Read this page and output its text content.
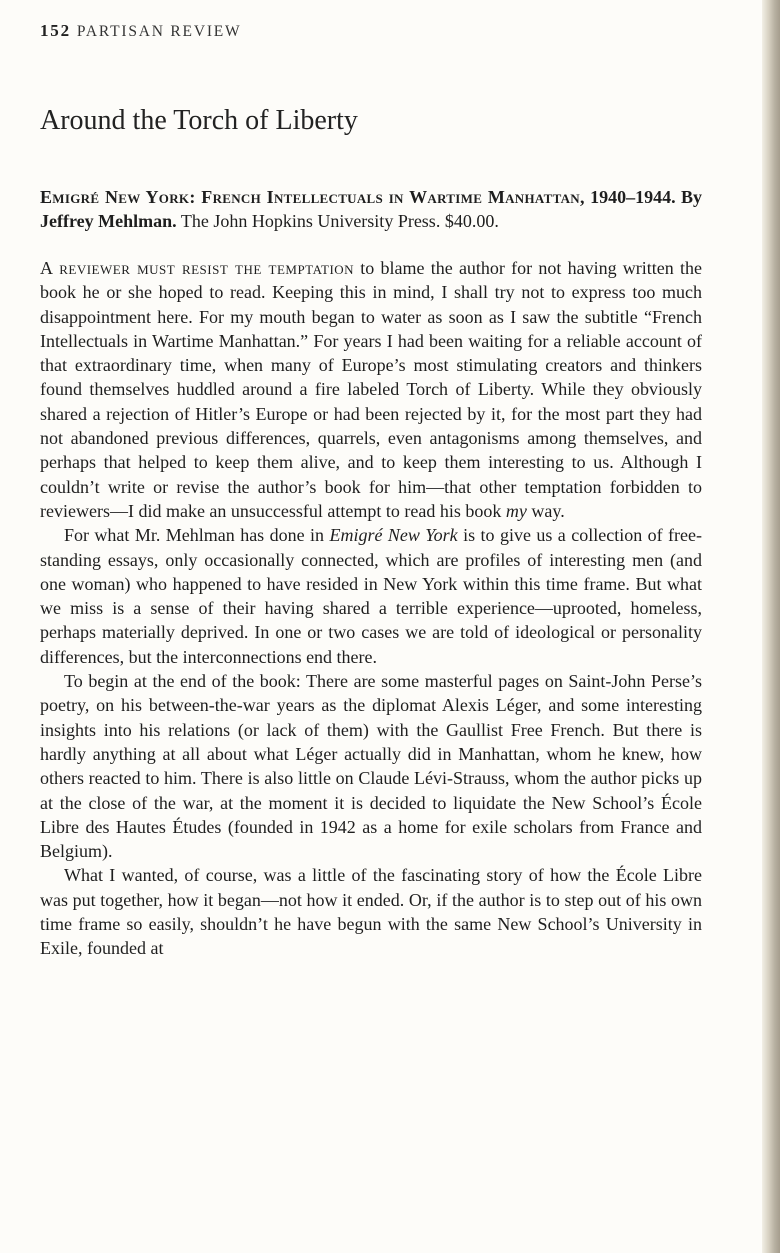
152 PARTISAN REVIEW
Around the Torch of Liberty
Emigré New York: French Intellectuals in Wartime Manhattan, 1940–1944. By Jeffrey Mehlman. The John Hopkins University Press. $40.00.

A reviewer must resist the temptation to blame the author for not having written the book he or she hoped to read. Keeping this in mind, I shall try not to express too much disappointment here. For my mouth began to water as soon as I saw the subtitle “French Intellectuals in Wartime Manhattan.” For years I had been waiting for a reliable account of that extraordinary time, when many of Europe’s most stimulating creators and thinkers found themselves huddled around a fire labeled Torch of Liberty. While they obviously shared a rejection of Hitler’s Europe or had been rejected by it, for the most part they had not abandoned previous differences, quarrels, even antagonisms among themselves, and perhaps that helped to keep them alive, and to keep them interesting to us. Although I couldn’t write or revise the author’s book for him—that other temptation forbidden to reviewers—I did make an unsuccessful attempt to read his book my way.

For what Mr. Mehlman has done in Emigré New York is to give us a collection of free-standing essays, only occasionally connected, which are profiles of interesting men (and one woman) who happened to have resided in New York within this time frame. But what we miss is a sense of their having shared a terrible experience—uprooted, homeless, perhaps materially deprived. In one or two cases we are told of ideological or personality differences, but the interconnections end there.

To begin at the end of the book: There are some masterful pages on Saint-John Perse’s poetry, on his between-the-war years as the diplomat Alexis Léger, and some interesting insights into his relations (or lack of them) with the Gaullist Free French. But there is hardly anything at all about what Léger actually did in Manhattan, whom he knew, how others reacted to him. There is also little on Claude Lévi-Strauss, whom the author picks up at the close of the war, at the moment it is decided to liquidate the New School’s École Libre des Hautes Études (founded in 1942 as a home for exile scholars from France and Belgium).

What I wanted, of course, was a little of the fascinating story of how the École Libre was put together, how it began—not how it ended. Or, if the author is to step out of his own time frame so easily, shouldn’t he have begun with the same New School’s University in Exile, founded at
